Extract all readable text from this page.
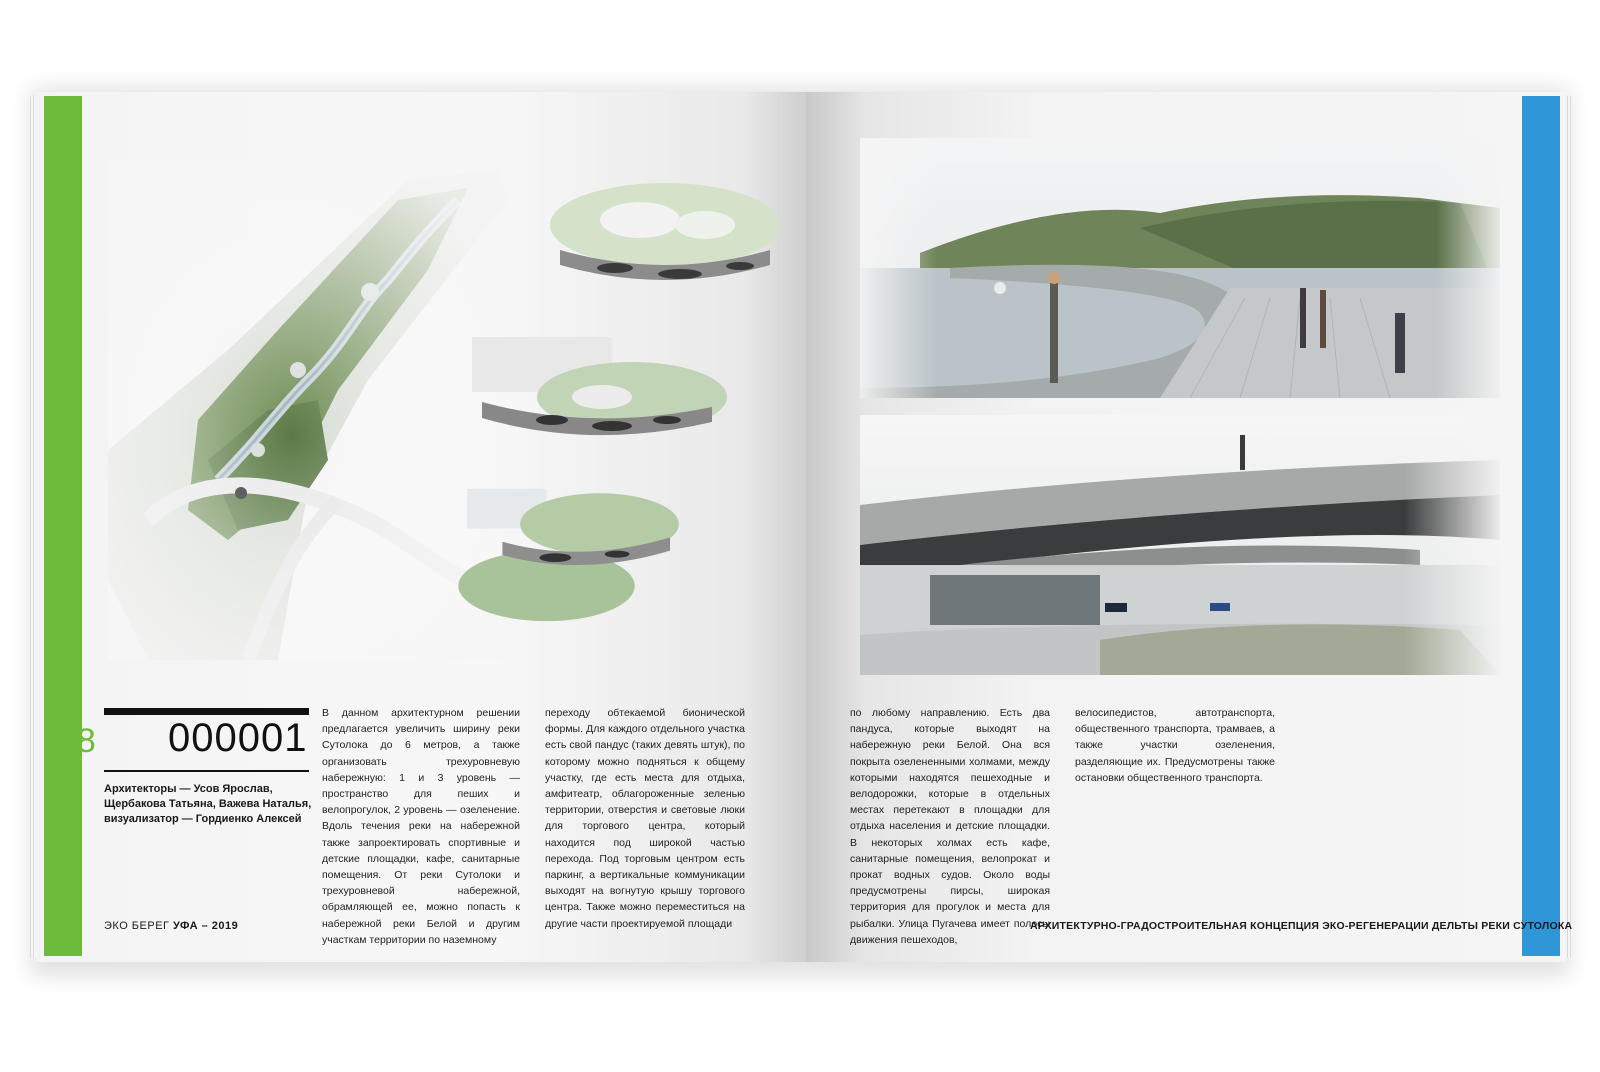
08 000001
Архитекторы — Усов Ярослав, Щербакова Татьяна, Важева Наталья, визуализатор — Гордиенко Алексей
В данном архитектурном решении предлагается увеличить ширину реки Сутолока до 6 метров, а также организовать трехуровневую набережную: 1 и 3 уровень — пространство для пеших и велопрогулок, 2 уровень — озеленение. Вдоль течения реки на набережной также запроектировать спортивные и детские площадки, кафе, санитарные помещения. От реки Сутолоки и трехуровневой набережной, обрамляющей ее, можно попасть к набережной реки Белой и другим участкам территории по наземному
переходу обтекаемой бионической формы. Для каждого отдельного участка есть свой пандус (таких девять штук), по которому можно подняться к общему участку, где есть места для отдыха, амфитеатр, облагороженные зеленью территории, отверстия и световые люки для торгового центра, который находится под широкой частью перехода. Под торговым центром есть паркинг, а вертикальные коммуникации выходят на вогнутую крышу торгового центра. Также можно переместиться на другие части проектируемой площади
ЭКО БЕРЕГ УФА – 2019
по любому направлению. Есть два пандуса, которые выходят на набережную реки Белой. Она вся покрыта озелененными холмами, между которыми находятся пешеходные и велодорожки, которые в отдельных местах перетекают в площадки для отдыха населения и детские площадки. В некоторых холмах есть кафе, санитарные помещения, велопрокат и прокат водных судов. Около воды предусмотрены пирсы, широкая территория для прогулок и места для рыбалки. Улица Пугачева имеет полосы движения пешеходов,
велосипедистов, автотранспорта, общественного транспорта, трамваев, а также участки озеленения, разделяющие их. Предусмотрены также остановки общественного транспорта.
АРХИТЕКТУРНО-ГРАДОСТРОИТЕЛЬНАЯ КОНЦЕПЦИЯ ЭКО-РЕГЕНЕРАЦИИ ДЕЛЬТЫ РЕКИ СУТОЛОКА
